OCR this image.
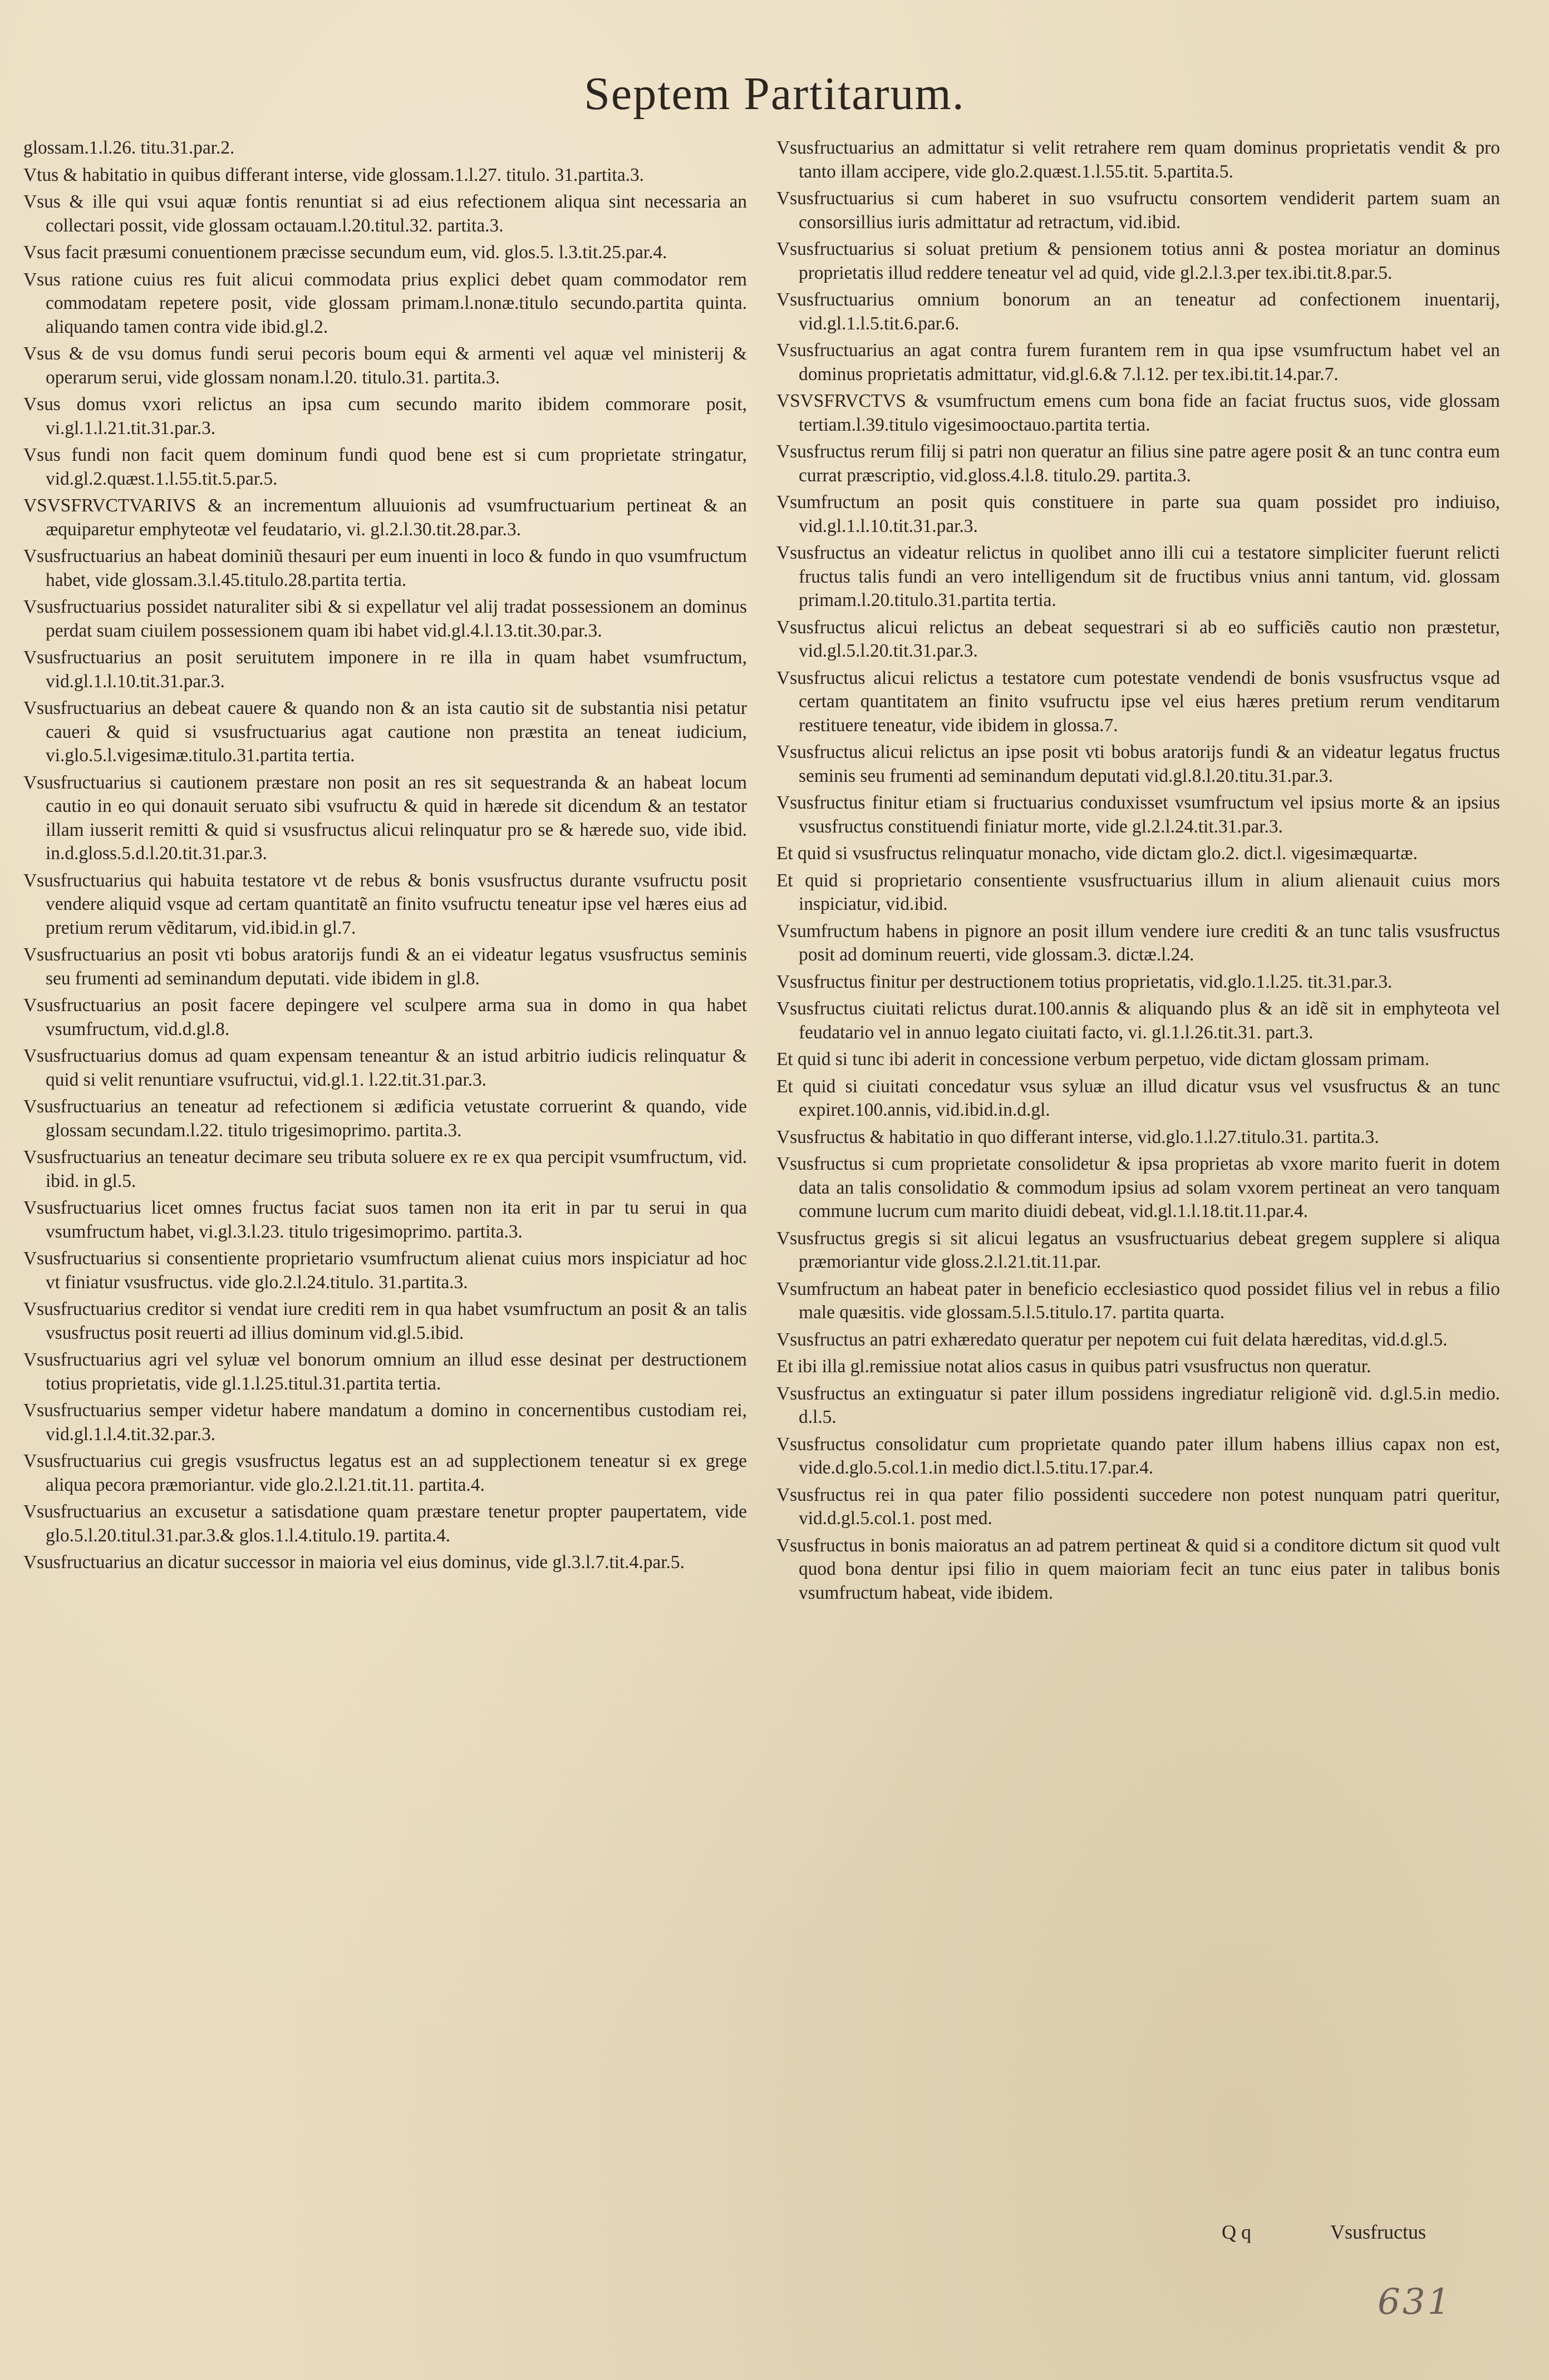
Septem Partitarum.

glossam.1.l.26. titu.31.par.2.

Vtus & habitatio in quibus differant interse, vide glossam.1.l.27. titulo. 31.partita.3.

Vsus & ille qui vsui aquæ fontis renuntiat si ad eius refectionem aliqua sint necessaria an collectari possit, vide glossam octauam.l.20.titul.32. partita.3.

Vsus facit præsumi conuentionem præcisse secundum eum, vid. glos.5. l.3.tit.25.par.4.

Vsus ratione cuius res fuit alicui commodata prius explici debet quam commodator rem commodatam repetere posit, vide glossam primam.l.nonæ.titulo secundo.partita quinta. aliquando tamen contra vide ibid.gl.2.

Vsus & de vsu domus fundi serui pecoris boum equi & armenti vel aquæ vel ministerij & operarum serui, vide glossam nonam.l.20. titulo.31. partita.3.

Vsus domus vxori relictus an ipsa cum secundo marito ibidem commorare posit, vi.gl.1.l.21.tit.31.par.3.

Vsus fundi non facit quem dominum fundi quod bene est si cum proprietate stringatur, vid.gl.2.quæst.1.l.55.tit.5.par.5.

VSVSFRVCTVARIVS & an incrementum alluuionis ad vsumfructuarium pertineat & an æquiparetur emphyteotæ vel feudatario, vi. gl.2.l.30.tit.28.par.3.

Vsusfructuarius an habeat dominiũ thesauri per eum inuenti in loco & fundo in quo vsumfructum habet, vide glossam.3.l.45.titulo.28.partita tertia.

Vsusfructuarius possidet naturaliter sibi & si expellatur vel alij tradat possessionem an dominus perdat suam ciuilem possessionem quam ibi habet vid.gl.4.l.13.tit.30.par.3.

Vsusfructuarius an posit seruitutem imponere in re illa in quam habet vsumfructum, vid.gl.1.l.10.tit.31.par.3.

Vsusfructuarius an debeat cauere & quando non & an ista cautio sit de substantia nisi petatur caueri & quid si vsusfructuarius agat cautione non præstita an teneat iudicium, vi.glo.5.l.vigesimæ.titulo.31.partita tertia.

Vsusfructuarius si cautionem præstare non posit an res sit sequestranda & an habeat locum cautio in eo qui donauit seruato sibi vsufructu & quid in hærede sit dicendum & an testator illam iusserit remitti & quid si vsusfructus alicui relinquatur pro se & hærede suo, vide ibid. in.d.gloss.5.d.l.20.tit.31.par.3.

Vsusfructuarius qui habuita testatore vt de rebus & bonis vsusfructus durante vsufructu posit vendere aliquid vsque ad certam quantitatẽ an finito vsufructu teneatur ipse vel hæres eius ad pretium rerum vẽditarum, vid.ibid.in gl.7.

Vsusfructuarius an posit vti bobus aratorijs fundi & an ei videatur legatus vsusfructus seminis seu frumenti ad seminandum deputati. vide ibidem in gl.8.

Vsusfructuarius an posit facere depingere vel sculpere arma sua in domo in qua habet vsumfructum, vid.d.gl.8.

Vsusfructuarius domus ad quam expensam teneantur & an istud arbitrio iudicis relinquatur & quid si velit renuntiare vsufructui, vid.gl.1. l.22.tit.31.par.3.

Vsusfructuarius an teneatur ad refectionem si ædificia vetustate corruerint & quando, vide glossam secundam.l.22. titulo trigesimoprimo. partita.3.

Vsusfructuarius an teneatur decimare seu tributa soluere ex re ex qua percipit vsumfructum, vid. ibid. in gl.5.

Vsusfructuarius licet omnes fructus faciat suos tamen non ita erit in par tu serui in qua vsumfructum habet, vi.gl.3.l.23. titulo trigesimoprimo. partita.3.

Vsusfructuarius si consentiente proprietario vsumfructum alienat cuius mors inspiciatur ad hoc vt finiatur vsusfructus. vide glo.2.l.24.titulo. 31.partita.3.

Vsusfructuarius creditor si vendat iure crediti rem in qua habet vsumfructum an posit & an talis vsusfructus posit reuerti ad illius dominum vid.gl.5.ibid.

Vsusfructuarius agri vel syluæ vel bonorum omnium an illud esse desinat per destructionem totius proprietatis, vide gl.1.l.25.titul.31.partita tertia.

Vsusfructuarius semper videtur habere mandatum a domino in concernentibus custodiam rei, vid.gl.1.l.4.tit.32.par.3.

Vsusfructuarius cui gregis vsusfructus legatus est an ad supplectionem teneatur si ex grege aliqua pecora præmoriantur. vide glo.2.l.21.tit.11. partita.4.

Vsusfructuarius an excusetur a satisdatione quam præstare tenetur propter paupertatem, vide glo.5.l.20.titul.31.par.3.& glos.1.l.4.titulo.19. partita.4.

Vsusfructuarius an dicatur successor in maioria vel eius dominus, vide gl.3.l.7.tit.4.par.5.

Vsusfructuarius an admittatur si velit retrahere rem quam dominus proprietatis vendit & pro tanto illam accipere, vide glo.2.quæst.1.l.55.tit. 5.partita.5.

Vsusfructuarius si cum haberet in suo vsufructu consortem vendiderit partem suam an consorsillius iuris admittatur ad retractum, vid.ibid.

Vsusfructuarius si soluat pretium & pensionem totius anni & postea moriatur an dominus proprietatis illud reddere teneatur vel ad quid, vide gl.2.l.3.per tex.ibi.tit.8.par.5.

Vsusfructuarius omnium bonorum an an teneatur ad confectionem inuentarij, vid.gl.1.l.5.tit.6.par.6.

Vsusfructuarius an agat contra furem furantem rem in qua ipse vsumfructum habet vel an dominus proprietatis admittatur, vid.gl.6.& 7.l.12. per tex.ibi.tit.14.par.7.

VSVSFRVCTVS & vsumfructum emens cum bona fide an faciat fructus suos, vide glossam tertiam.l.39.titulo vigesimooctauo.partita tertia.

Vsusfructus rerum filij si patri non queratur an filius sine patre agere posit & an tunc contra eum currat præscriptio, vid.gloss.4.l.8. titulo.29. partita.3.

Vsumfructum an posit quis constituere in parte sua quam possidet pro indiuiso, vid.gl.1.l.10.tit.31.par.3.

Vsusfructus an videatur relictus in quolibet anno illi cui a testatore simpliciter fuerunt relicti fructus talis fundi an vero intelligendum sit de fructibus vnius anni tantum, vid. glossam primam.l.20.titulo.31.partita tertia.

Vsusfructus alicui relictus an debeat sequestrari si ab eo sufficiẽs cautio non præstetur, vid.gl.5.l.20.tit.31.par.3.

Vsusfructus alicui relictus a testatore cum potestate vendendi de bonis vsusfructus vsque ad certam quantitatem an finito vsufructu ipse vel eius hæres pretium rerum venditarum restituere teneatur, vide ibidem in glossa.7.

Vsusfructus alicui relictus an ipse posit vti bobus aratorijs fundi & an videatur legatus fructus seminis seu frumenti ad seminandum deputati vid.gl.8.l.20.titu.31.par.3.

Vsusfructus finitur etiam si fructuarius conduxisset vsumfructum vel ipsius morte & an ipsius vsusfructus constituendi finiatur morte, vide gl.2.l.24.tit.31.par.3.

Et quid si vsusfructus relinquatur monacho, vide dictam glo.2. dict.l. vigesimæquartæ.

Et quid si proprietario consentiente vsusfructuarius illum in alium alienauit cuius mors inspiciatur, vid.ibid.

Vsumfructum habens in pignore an posit illum vendere iure crediti & an tunc talis vsusfructus posit ad dominum reuerti, vide glossam.3. dictæ.l.24.

Vsusfructus finitur per destructionem totius proprietatis, vid.glo.1.l.25. tit.31.par.3.

Vsusfructus ciuitati relictus durat.100.annis & aliquando plus & an idẽ sit in emphyteota vel feudatario vel in annuo legato ciuitati facto, vi. gl.1.l.26.tit.31. part.3.

Et quid si tunc ibi aderit in concessione verbum perpetuo, vide dictam glossam primam.

Et quid si ciuitati concedatur vsus syluæ an illud dicatur vsus vel vsusfructus & an tunc expiret.100.annis, vid.ibid.in.d.gl.

Vsusfructus & habitatio in quo differant interse, vid.glo.1.l.27.titulo.31. partita.3.

Vsusfructus si cum proprietate consolidetur & ipsa proprietas ab vxore marito fuerit in dotem data an talis consolidatio & commodum ipsius ad solam vxorem pertineat an vero tanquam commune lucrum cum marito diuidi debeat, vid.gl.1.l.18.tit.11.par.4.

Vsusfructus gregis si sit alicui legatus an vsusfructuarius debeat gregem supplere si aliqua præmoriantur vide gloss.2.l.21.tit.11.par.

Vsumfructum an habeat pater in beneficio ecclesiastico quod possidet filius vel in rebus a filio male quæsitis. vide glossam.5.l.5.titulo.17. partita quarta.

Vsusfructus an patri exhæredato queratur per nepotem cui fuit delata hæreditas, vid.d.gl.5.

Et ibi illa gl.remissiue notat alios casus in quibus patri vsusfructus non queratur.

Vsusfructus an extinguatur si pater illum possidens ingrediatur religionẽ vid. d.gl.5.in medio. d.l.5.

Vsusfructus consolidatur cum proprietate quando pater illum habens illius capax non est, vide.d.glo.5.col.1.in medio dict.l.5.titu.17.par.4.

Vsusfructus rei in qua pater filio possidenti succedere non potest nunquam patri queritur, vid.d.gl.5.col.1. post med.

Vsusfructus in bonis maioratus an ad patrem pertineat & quid si a conditore dictum sit quod vult quod bona dentur ipsi filio in quem maioriam fecit an tunc eius pater in talibus bonis vsumfructum habeat, vide ibidem.

Q q	Vsusfructus
631
